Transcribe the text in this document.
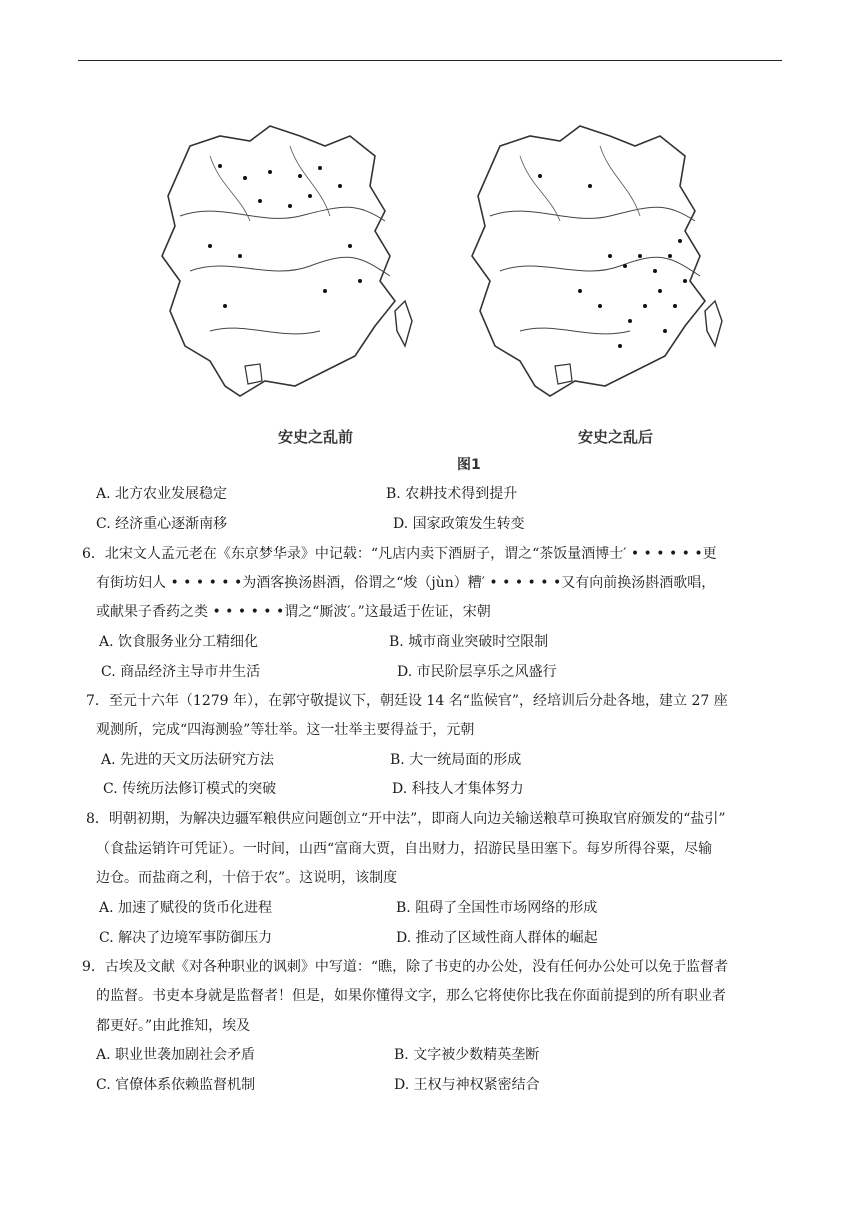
安史之乱前	安史之乱后
图1
A. 北方农业发展稳定	B. 农耕技术得到提升
C. 经济重心逐渐南移	D. 国家政策发生转变
6．北宋文人孟元老在《东京梦华录》中记载：“凡店内卖下酒厨子，谓之“茶饭量酒博士′ • • • • • •更
有街坊妇人 • • • • • •为酒客换汤斟酒，俗谓之“焌（jùn）糟′ • • • • • •又有向前换汤斟酒歌唱，
或献果子香药之类 • • • • • •谓之“厮波′。”这最适于佐证，宋朝
A. 饮食服务业分工精细化	B. 城市商业突破时空限制
C. 商品经济主导市井生活	D. 市民阶层享乐之风盛行
7．至元十六年（1279 年），在郭守敬提议下，朝廷设 14 名“监候官”，经培训后分赴各地，建立 27 座
观测所，完成“四海测验”等壮举。这一壮举主要得益于，元朝
A. 先进的天文历法研究方法	B. 大一统局面的形成
C. 传统历法修订模式的突破	D. 科技人才集体努力
8．明朝初期，为解决边疆军粮供应问题创立“开中法”，即商人向边关输送粮草可换取官府颁发的“盐引”
（食盐运销许可凭证）。一时间，山西“富商大贾，自出财力，招游民垦田塞下。每岁所得谷粟，尽输
边仓。而盐商之利，十倍于农”。这说明，该制度
A. 加速了赋役的货币化进程	B. 阻碍了全国性市场网络的形成
C. 解决了边境军事防御压力	D. 推动了区域性商人群体的崛起
9．古埃及文献《对各种职业的讽刺》中写道：“瞧，除了书吏的办公处，没有任何办公处可以免于监督者
的监督。书吏本身就是监督者！但是，如果你懂得文字，那么它将使你比我在你面前提到的所有职业者
都更好。”由此推知，埃及
A. 职业世袭加剧社会矛盾	B. 文字被少数精英垄断
C. 官僚体系依赖监督机制	D. 王权与神权紧密结合
